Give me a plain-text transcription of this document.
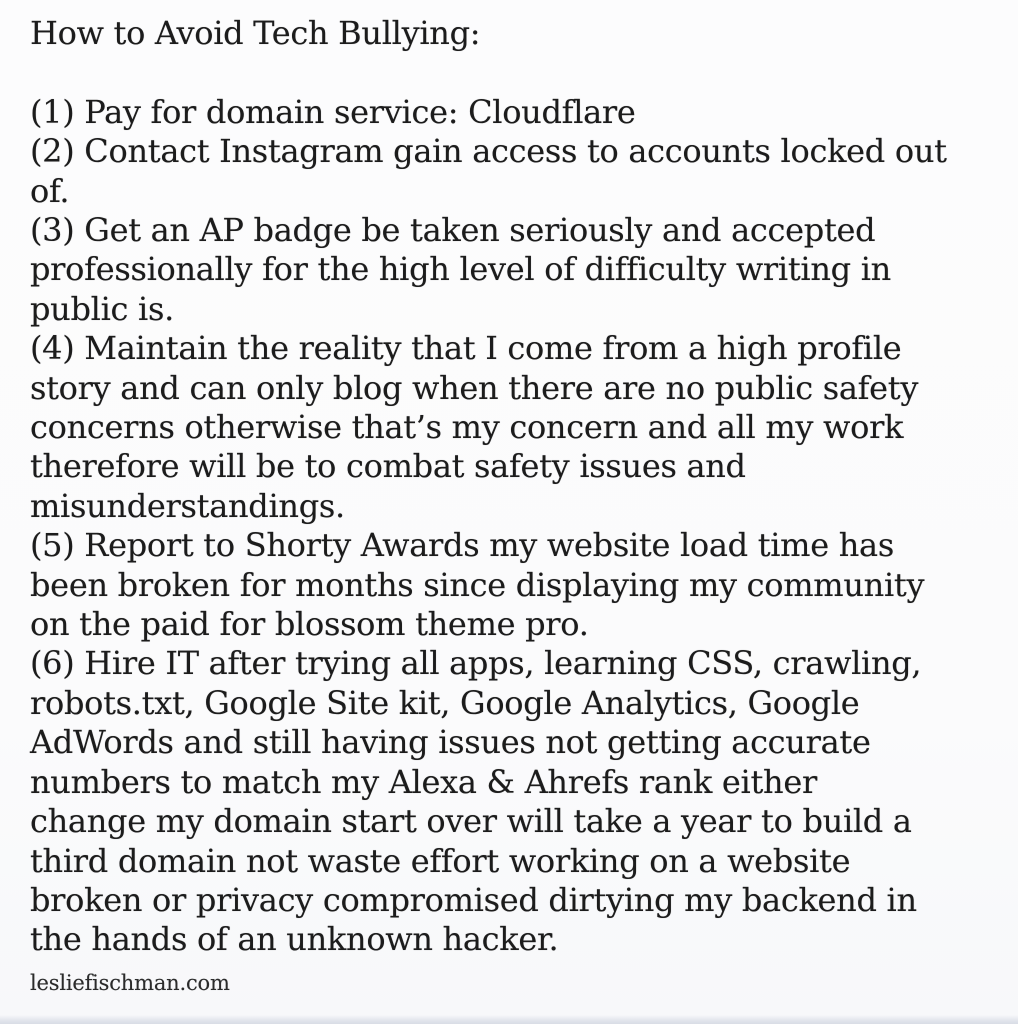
How to Avoid Tech Bullying:
(1) Pay for domain service: Cloudflare
(2) Contact Instagram gain access to accounts locked out
of.
(3) Get an AP badge be taken seriously and accepted
professionally for the high level of difficulty writing in
public is.
(4) Maintain the reality that I come from a high profile
story and can only blog when there are no public safety
concerns otherwise that’s my concern and all my work
therefore will be to combat safety issues and
misunderstandings.
(5) Report to Shorty Awards my website load time has
been broken for months since displaying my community
on the paid for blossom theme pro.
(6) Hire IT after trying all apps, learning CSS, crawling,
robots.txt, Google Site kit, Google Analytics, Google
AdWords and still having issues not getting accurate
numbers to match my Alexa & Ahrefs rank either
change my domain start over will take a year to build a
third domain not waste effort working on a website
broken or privacy compromised dirtying my backend in
the hands of an unknown hacker.
lesliefischman.com
